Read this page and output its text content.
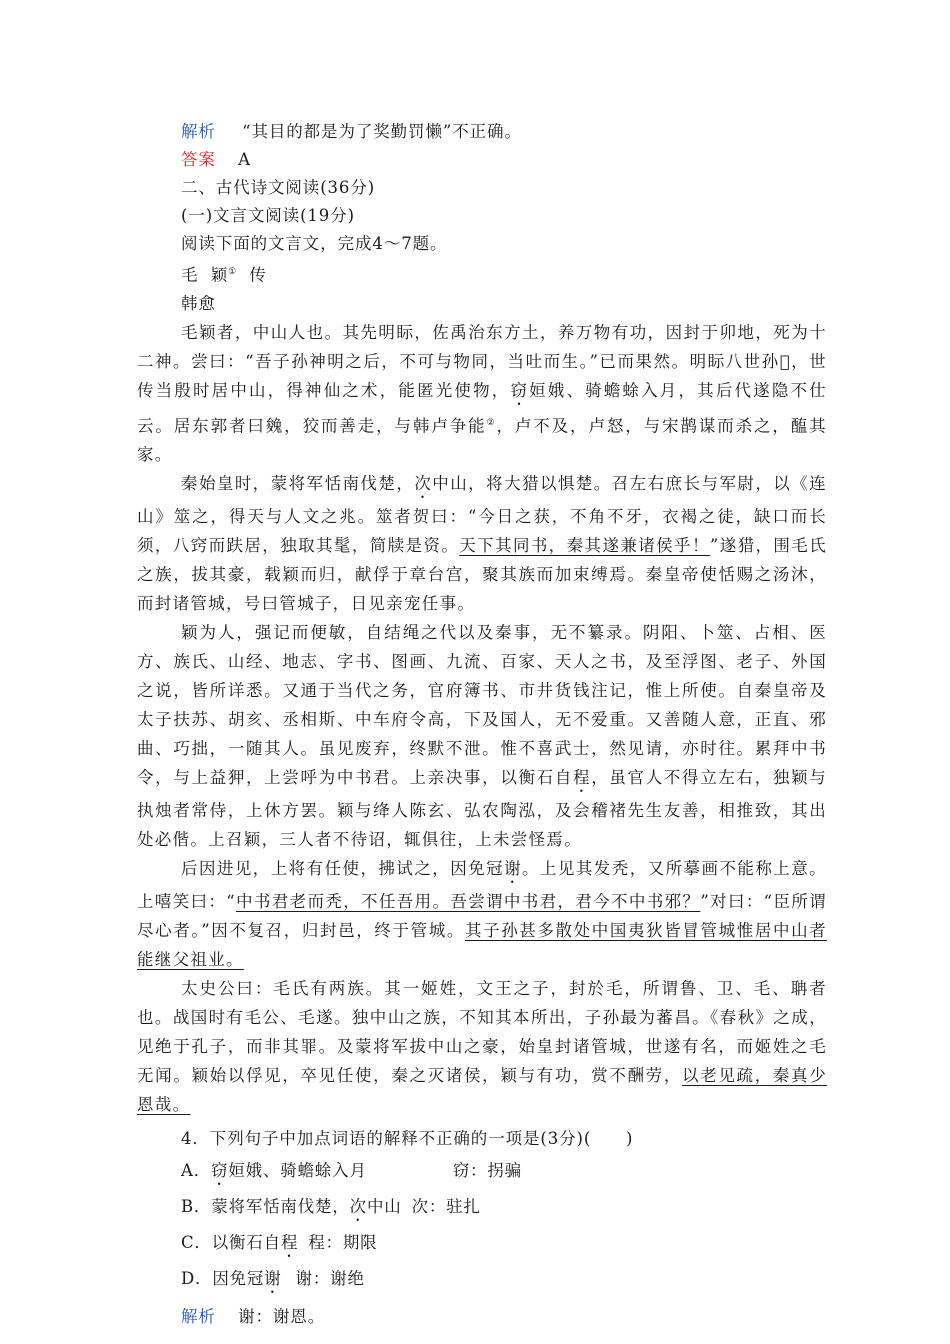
解析 “其目的都是为了奖勤罚懒”不正确。
答案 A
二、古代诗文阅读(36分)
(一)文言文阅读(19分)
阅读下面的文言文，完成4～7题。
毛 颖① 传
韩愈

毛颖者，中山人也。其先明眎，佐禹治东方土，养万物有功，因封于卯地，死为十二神。尝曰：“吾子孙神明之后，不可与物同，当吐而生。”已而果然。明眎八世孙𩠅，世传当殷时居中山，得神仙之术，能匿光使物，窃姮娥、骑蟾蜍入月，其后代遂隐不仕云。居东郭者曰㕙，狡而善走，与韩卢争能②，卢不及，卢怒，与宋鹊谋而杀之，醢其家。

秦始皇时，蒙将军恬南伐楚，次中山，将大猎以惧楚。召左右庶长与军尉，以《连山》筮之，得天与人文之兆。筮者贺曰：“今日之获，不角不牙，衣褐之徒，缺口而长须，八窍而趺居，独取其髦，简牍是资。天下其同书，秦其遂兼诸侯乎！”遂猎，围毛氏之族，拔其豪，载颖而归，献俘于章台宫，聚其族而加束缚焉。秦皇帝使恬赐之汤沐，而封诸管城，号曰管城子，日见亲宠任事。

颖为人，强记而便敏，自结绳之代以及秦事，无不纂录。阴阳、卜筮、占相、医方、族氏、山经、地志、字书、图画、九流、百家、天人之书，及至浮图、老子、外国之说，皆所详悉。又通于当代之务，官府簿书、市井货钱注记，惟上所使。自秦皇帝及太子扶苏、胡亥、丞相斯、中车府令高，下及国人，无不爱重。又善随人意，正直、邪曲、巧拙，一随其人。虽见废弃，终默不泄。惟不喜武士，然见请，亦时往。累拜中书令，与上益狎，上尝呼为中书君。上亲决事，以衡石自程，虽官人不得立左右，独颖与执烛者常侍，上休方罢。颖与绛人陈玄、弘农陶泓，及会稽褚先生友善，相推致，其出处必偕。上召颖，三人者不待诏，辄俱往，上未尝怪焉。

后因进见，上将有任使，拂试之，因免冠谢。上见其发秃，又所摹画不能称上意。上嘻笑曰：“中书君老而秃，不任吾用。吾尝谓中书君，君今不中书邪？”对曰：“臣所谓尽心者。”因不复召，归封邑，终于管城。其子孙甚多散处中国夷狄皆冒管城惟居中山者能继父祖业。

太史公曰：毛氏有两族。其一姬姓，文王之子，封於毛，所谓鲁、卫、毛、聃者也。战国时有毛公、毛遂。独中山之族，不知其本所出，子孙最为蕃昌。《春秋》之成，见绝于孔子，而非其罪。及蒙将军拔中山之豪，始皇封诸管城，世遂有名，而姬姓之毛无闻。颖始以俘见，卒见任使，秦之灭诸侯，颖与有功，赏不酬劳，以老见疏，秦真少恩哉。

4．下列句子中加点词语的解释不正确的一项是(3分)(　　)
A．窃姮娥、骑蟾蜍入月	窃：拐骗
B．蒙将军恬南伐楚，次中山 次：驻扎
C．以衡石自程 程：期限
D．因免冠谢 谢：谢绝
解析 谢：谢恩。
